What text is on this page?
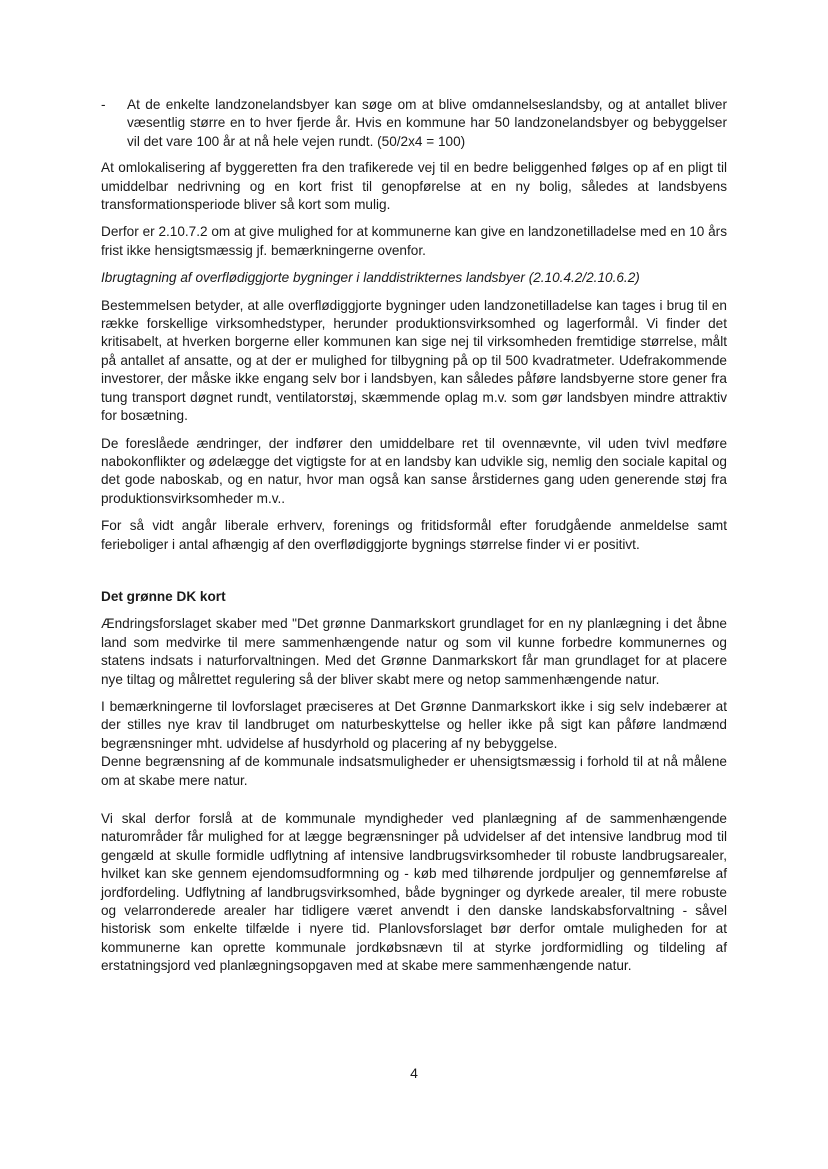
-	At de enkelte landzonelandsbyer kan søge om at blive omdannelseslandsby, og at antallet bliver væsentlig større en to hver fjerde år. Hvis en kommune har 50 landzonelandsbyer og bebyggelser vil det vare 100 år at nå hele vejen rundt. (50/2x4 = 100)

At omlokalisering af byggeretten fra den trafikerede vej til en bedre beliggenhed følges op af en pligt til umiddelbar nedrivning og en kort frist til genopførelse at en ny bolig, således at landsbyens transformationsperiode bliver så kort som mulig.

Derfor er 2.10.7.2 om at give mulighed for at kommunerne kan give en landzonetilladelse med en 10 års frist ikke hensigtsmæssig jf. bemærkningerne ovenfor.

Ibrugtagning af overflødiggjorte bygninger i landdistrikternes landsbyer (2.10.4.2/2.10.6.2)

Bestemmelsen betyder, at alle overflødiggjorte bygninger uden landzonetilladelse kan tages i brug til en række forskellige virksomhedstyper, herunder produktionsvirksomhed og lagerformål. Vi finder det kritisabelt, at hverken borgerne eller kommunen kan sige nej til virksomheden fremtidige størrelse, målt på antallet af ansatte, og at der er mulighed for tilbygning på op til 500 kvadratmeter. Udefrakommende investorer, der måske ikke engang selv bor i landsbyen, kan således påføre landsbyerne store gener fra tung transport døgnet rundt, ventilatorstøj, skæmmende oplag m.v. som gør landsbyen mindre attraktiv for bosætning.

De foreslåede ændringer, der indfører den umiddelbare ret til ovennævnte, vil uden tvivl medføre nabokonflikter og ødelægge det vigtigste for at en landsby kan udvikle sig, nemlig den sociale kapital og det gode naboskab, og en natur, hvor man også kan sanse årstidernes gang uden generende støj fra produktionsvirksomheder m.v..

For så vidt angår liberale erhverv, forenings og fritidsformål efter forudgående anmeldelse samt ferieboliger i antal afhængig af den overflødiggjorte bygnings størrelse finder vi er positivt.

Det grønne DK kort

Ændringsforslaget skaber med "Det grønne Danmarkskort grundlaget for en ny planlægning i det åbne land som medvirke til mere sammenhængende natur og som vil kunne forbedre kommunernes og statens indsats i naturforvaltningen. Med det Grønne Danmarkskort får man grundlaget for at placere nye tiltag og målrettet regulering så der bliver skabt mere og netop sammenhængende natur.

I bemærkningerne til lovforslaget præciseres at Det Grønne Danmarkskort ikke i sig selv indebærer at der stilles nye krav til landbruget om naturbeskyttelse og heller ikke på sigt kan påføre landmænd begrænsninger mht. udvidelse af husdyrhold og placering af ny bebyggelse.

Denne begrænsning af de kommunale indsatsmuligheder er uhensigtsmæssig i forhold til at nå målene om at skabe mere natur.

Vi skal derfor forslå at de kommunale myndigheder ved planlægning af de sammenhængende naturområder får mulighed for at lægge begrænsninger på udvidelser af det intensive landbrug mod til gengæld at skulle formidle udflytning af intensive landbrugsvirksomheder til robuste landbrugsarealer, hvilket kan ske gennem ejendomsudformning og - køb med tilhørende jordpuljer og gennemførelse af jordfordeling. Udflytning af landbrugsvirksomhed, både bygninger og dyrkede arealer, til mere robuste og velarronderede arealer har tidligere været anvendt i den danske landskabsforvaltning - såvel historisk som enkelte tilfælde i nyere tid. Planlovsforslaget bør derfor omtale muligheden for at kommunerne kan oprette kommunale jordkøbsnævn til at styrke jordformidling og tildeling af erstatningsjord ved planlægningsopgaven med at skabe mere sammenhængende natur.

4
